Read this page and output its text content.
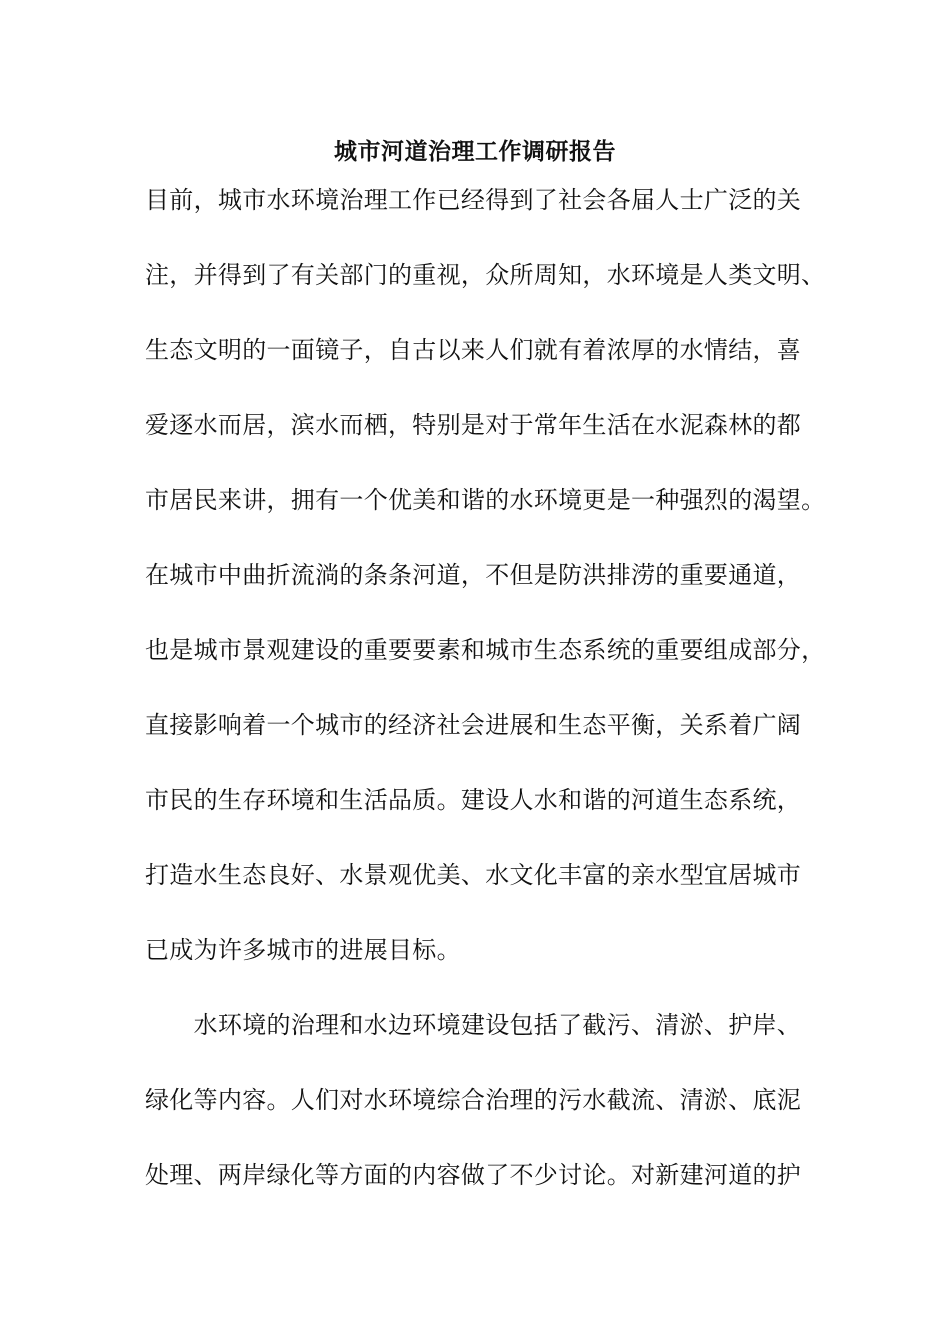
城市河道治理工作调研报告
目前，城市水环境治理工作已经得到了社会各届人士广泛的关
注，并得到了有关部门的重视，众所周知，水环境是人类文明、
生态文明的一面镜子，自古以来人们就有着浓厚的水情结，喜
爱逐水而居，滨水而栖，特别是对于常年生活在水泥森林的都
市居民来讲，拥有一个优美和谐的水环境更是一种强烈的渴望。
在城市中曲折流淌的条条河道，不但是防洪排涝的重要通道，
也是城市景观建设的重要要素和城市生态系统的重要组成部分，
直接影响着一个城市的经济社会进展和生态平衡，关系着广阔
市民的生存环境和生活品质。建设人水和谐的河道生态系统，
打造水生态良好、水景观优美、水文化丰富的亲水型宜居城市
已成为许多城市的进展目标。
　　水环境的治理和水边环境建设包括了截污、清淤、护岸、
绿化等内容。人们对水环境综合治理的污水截流、清淤、底泥
处理、两岸绿化等方面的内容做了不少讨论。对新建河道的护
